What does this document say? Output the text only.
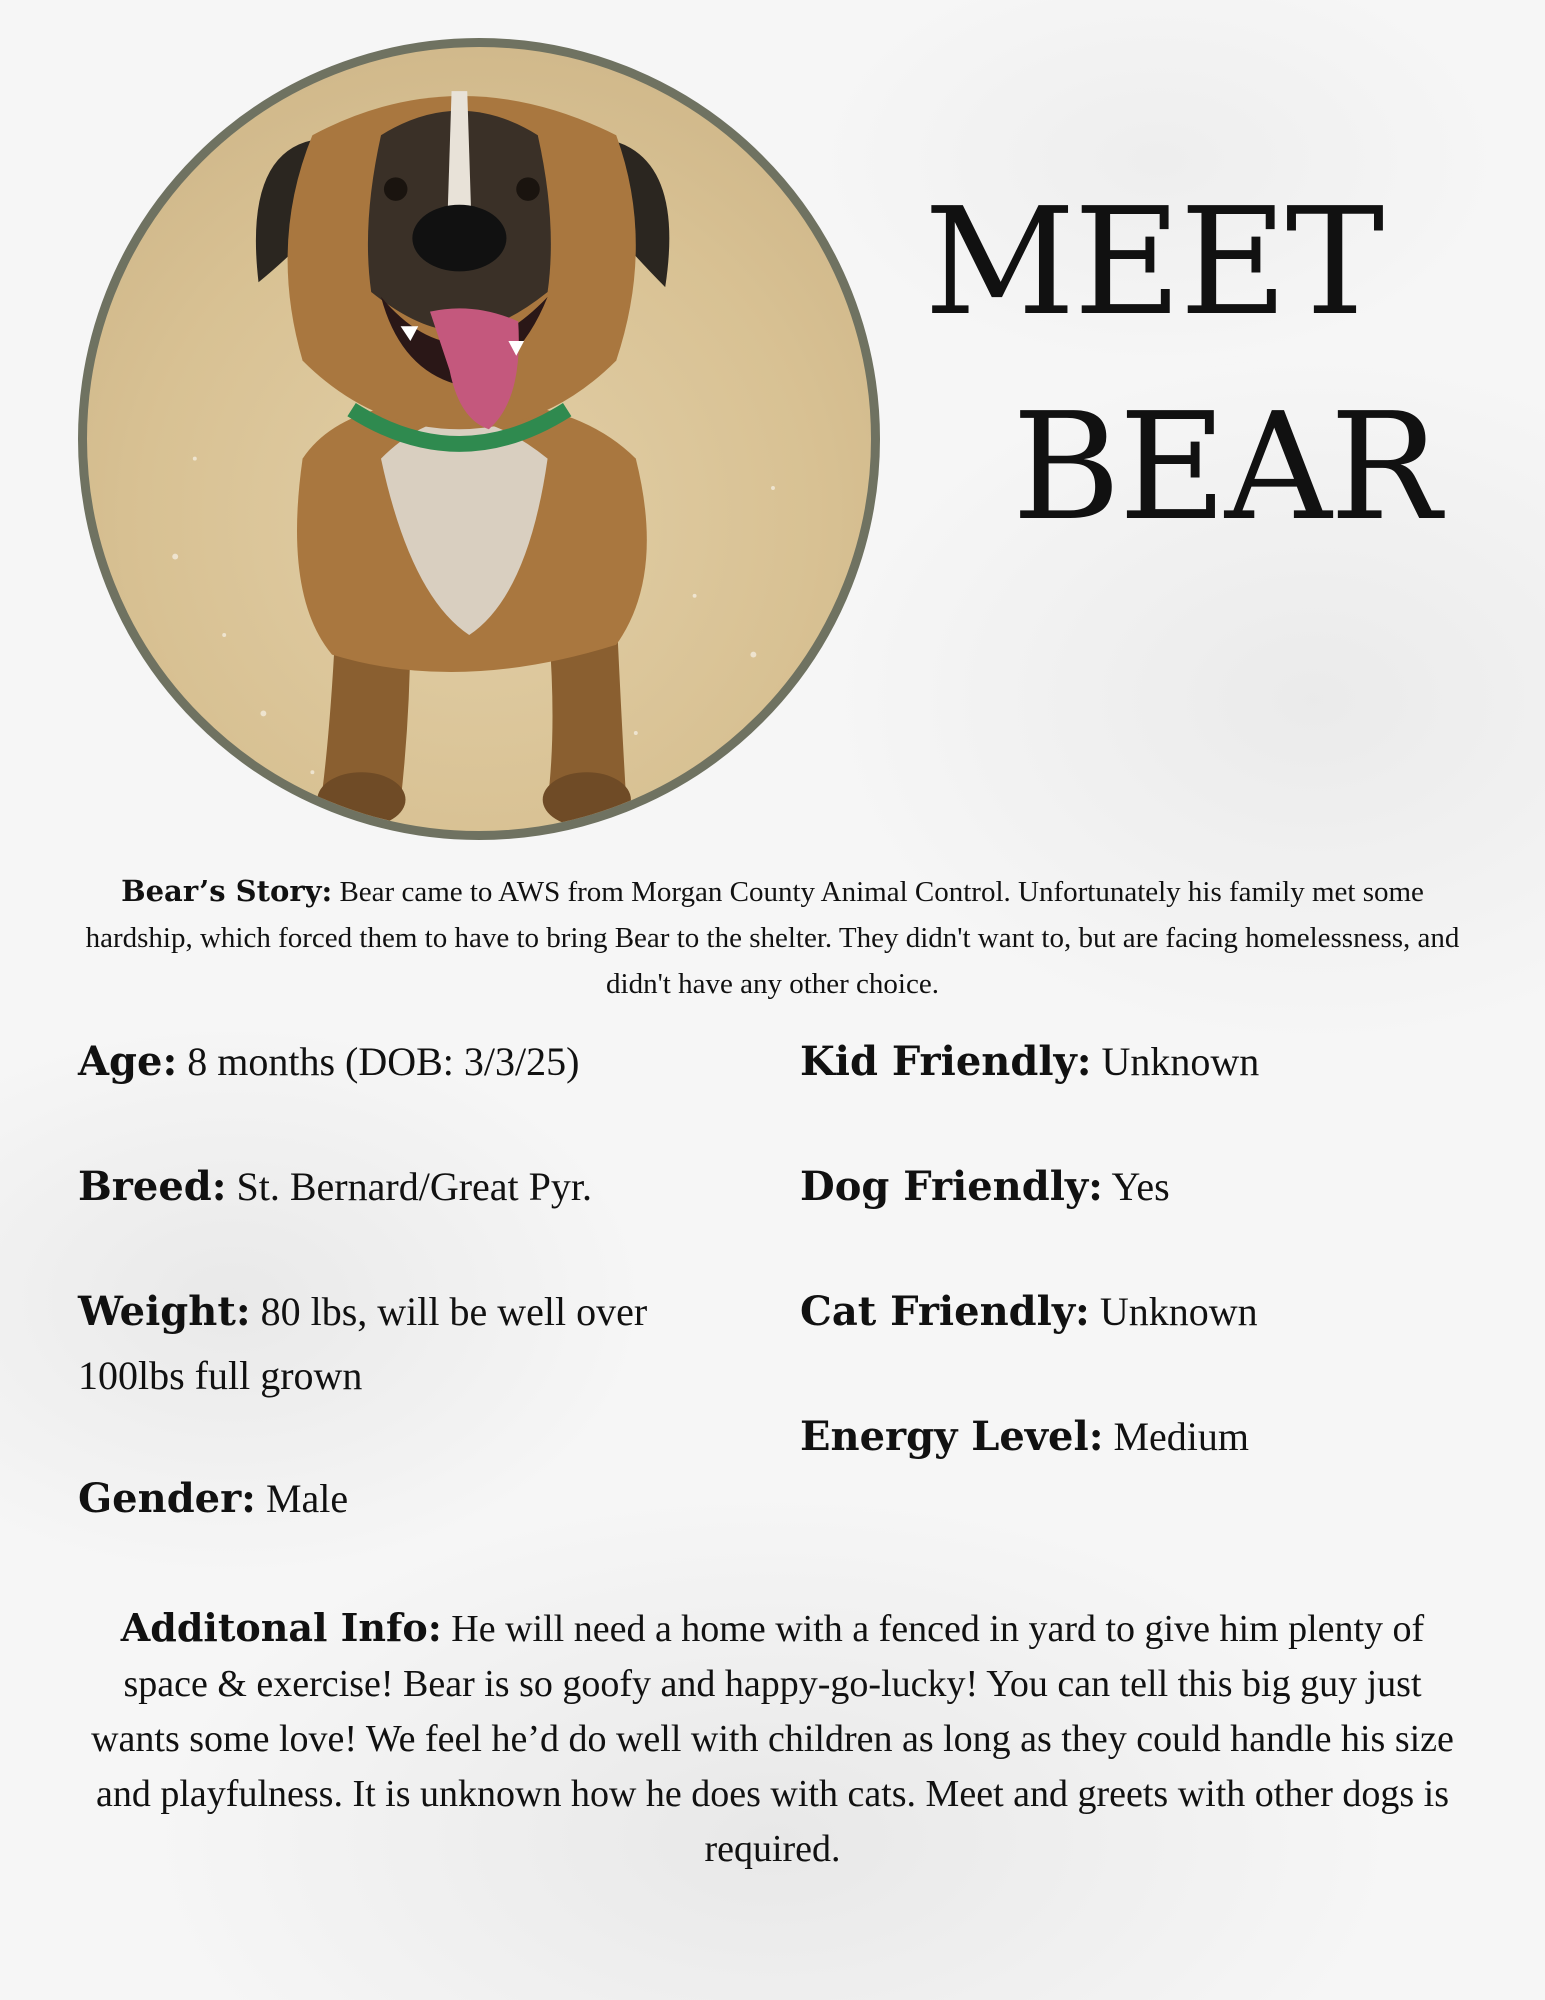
MEET
BEAR
Bear’s Story: Bear came to AWS from Morgan County Animal Control. Unfortunately his family met some hardship, which forced them to have to bring Bear to the shelter. They didn't want to, but are facing homelessness, and didn't have any other choice.

Age: 8 months (DOB: 3/3/25)

Breed: St. Bernard/Great Pyr.

Weight: 80 lbs, will be well over 100lbs full grown

Gender: Male

Kid Friendly: Unknown

Dog Friendly: Yes

Cat Friendly: Unknown

Energy Level: Medium

Additonal Info: He will need a home with a fenced in yard to give him plenty of space & exercise! Bear is so goofy and happy-go-lucky! You can tell this big guy just wants some love! We feel he’d do well with children as long as they could handle his size and playfulness. It is unknown how he does with cats. Meet and greets with other dogs is required.
